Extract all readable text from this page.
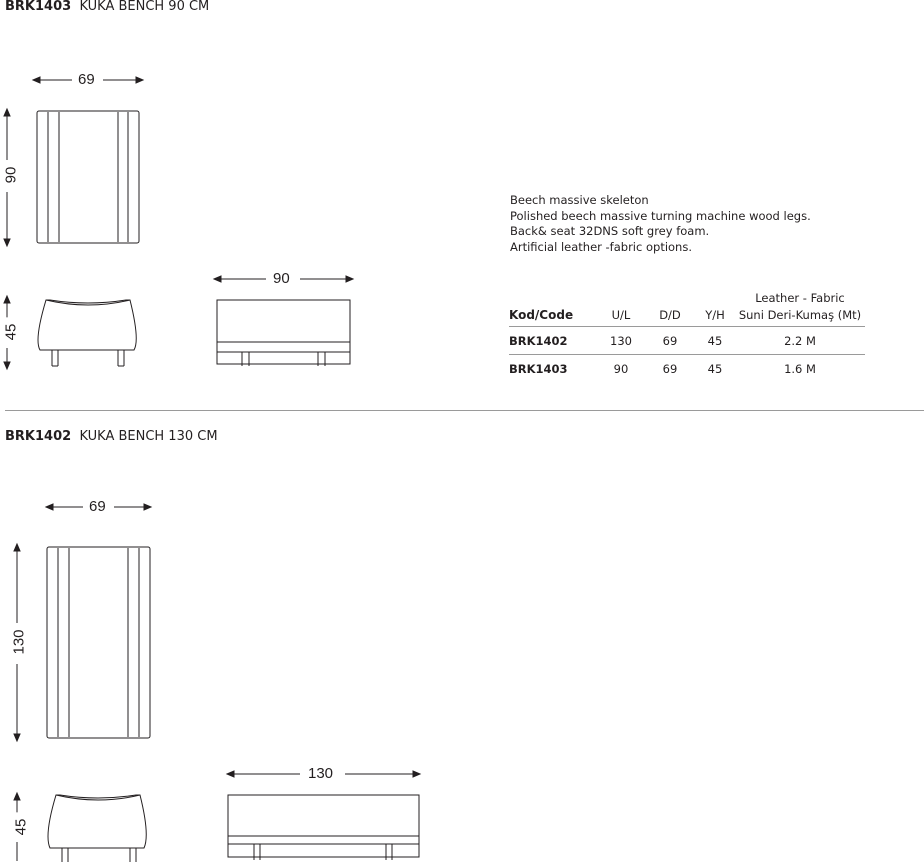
BRK1403 KUKA BENCH 90 CM
69
90
45
90
Beech massive skeleton
Polished beech massive turning machine wood legs.
Back& seat 32DNS soft grey foam.
Artificial leather -fabric options.
Kod/Code	U/L	D/D	Y/H	Leather - Fabric
Suni Deri-Kumaş (Mt)

BRK1402	130	69	45	2.2 M
BRK1403	90	69	45	1.6 M
BRK1402 KUKA BENCH 130 CM
69
130
45
130
